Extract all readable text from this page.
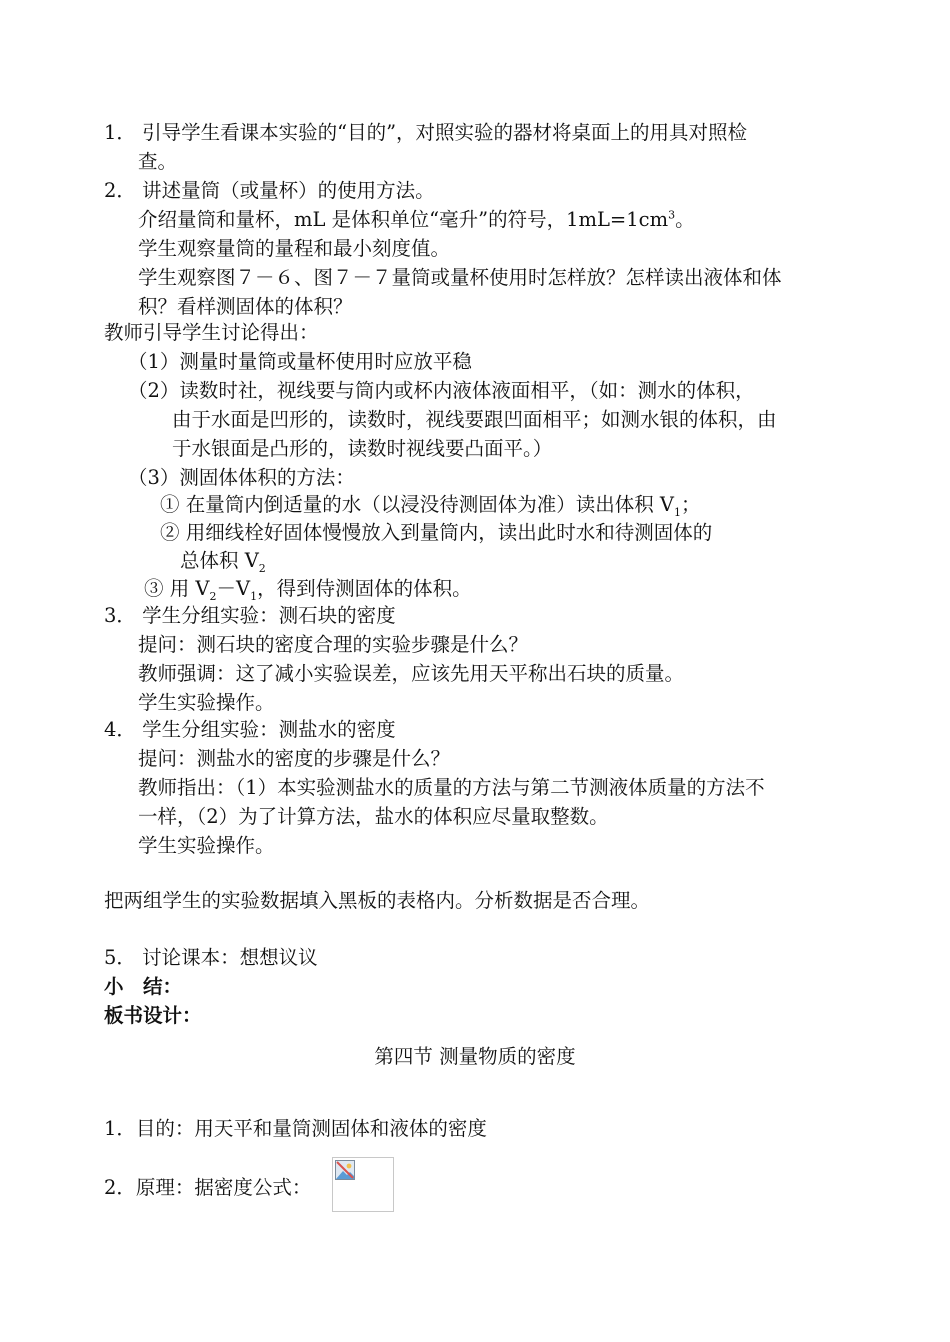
1． 引导学生看课本实验的“目的”，对照实验的器材将桌面上的用具对照检
查。
2． 讲述量筒（或量杯）的使用方法。
介绍量筒和量杯，mL 是体积单位“毫升”的符号，$1mL=1cm^3$。
学生观察量筒的量程和最小刻度值。
学生观察图７－６、图７－７量筒或量杯使用时怎样放？怎样读出液体和体
积？看样测固体的体积？
教师引导学生讨论得出：
（1）测量时量筒或量杯使用时应放平稳
（2）读数时社，视线要与筒内或杯内液体液面相平，（如：测水的体积，
由于水面是凹形的，读数时，视线要跟凹面相平；如测水银的体积，由
于水银面是凸形的，读数时视线要凸面平。）
（3）测固体体积的方法：
① 在量筒内倒适量的水（以浸没待测固体为准）读出体积 $V_1$；
② 用细线栓好固体慢慢放入到量筒内，读出此时水和待测固体的
总体积 $V_2$
③ 用 $V_2-V_1$，得到侍测固体的体积。
3． 学生分组实验：测石块的密度
提问：测石块的密度合理的实验步骤是什么？
教师强调：这了减小实验误差，应该先用天平称出石块的质量。
学生实验操作。
4． 学生分组实验：测盐水的密度
提问：测盐水的密度的步骤是什么？
教师指出：（1）本实验测盐水的质量的方法与第二节测液体质量的方法不
一样，（2）为了计算方法，盐水的体积应尽量取整数。
学生实验操作。
把两组学生的实验数据填入黑板的表格内。分析数据是否合理。
5． 讨论课本：想想议议
小　结：
板书设计：
第四节 测量物质的密度
1．目的：用天平和量筒测固体和液体的密度
2．原理：据密度公式：
